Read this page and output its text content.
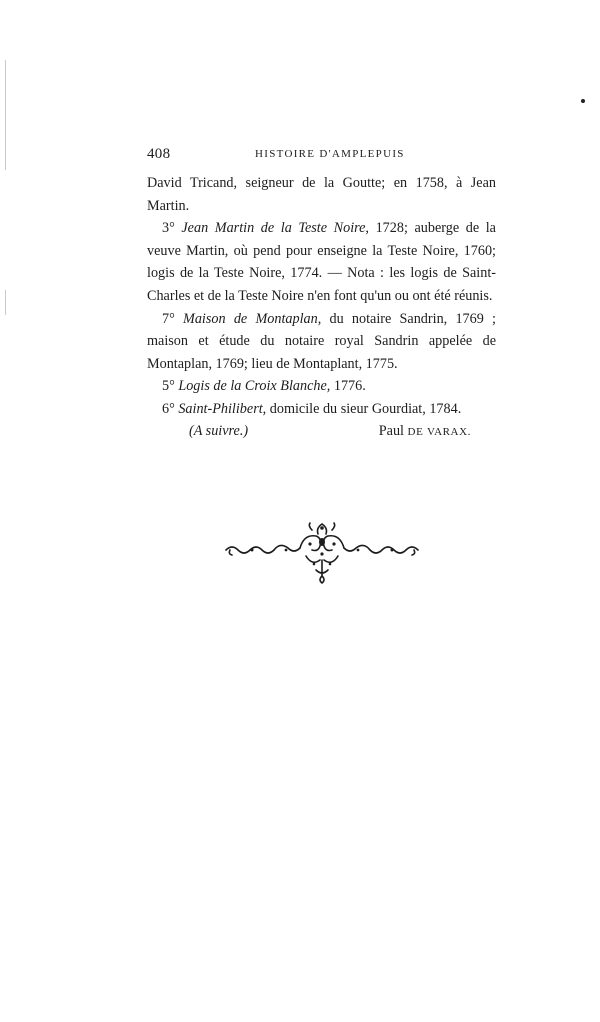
408	HISTOIRE D'AMPLEPUIS

David Tricand, seigneur de la Goutte; en 1758, à Jean Martin.

3° Jean Martin de la Teste Noire, 1728; auberge de la veuve Martin, où pend pour enseigne la Teste Noire, 1760; logis de la Teste Noire, 1774. — Nota : les logis de Saint-Charles et de la Teste Noire n'en font qu'un ou ont été réunis.

7° Maison de Montaplan, du notaire Sandrin, 1769 ; maison et étude du notaire royal Sandrin appelée de Montaplan, 1769; lieu de Montaplant, 1775.

5° Logis de la Croix Blanche, 1776.

6° Saint-Philibert, domicile du sieur Gourdiat, 1784.

(A suivre.)	Paul DE VARAX.
